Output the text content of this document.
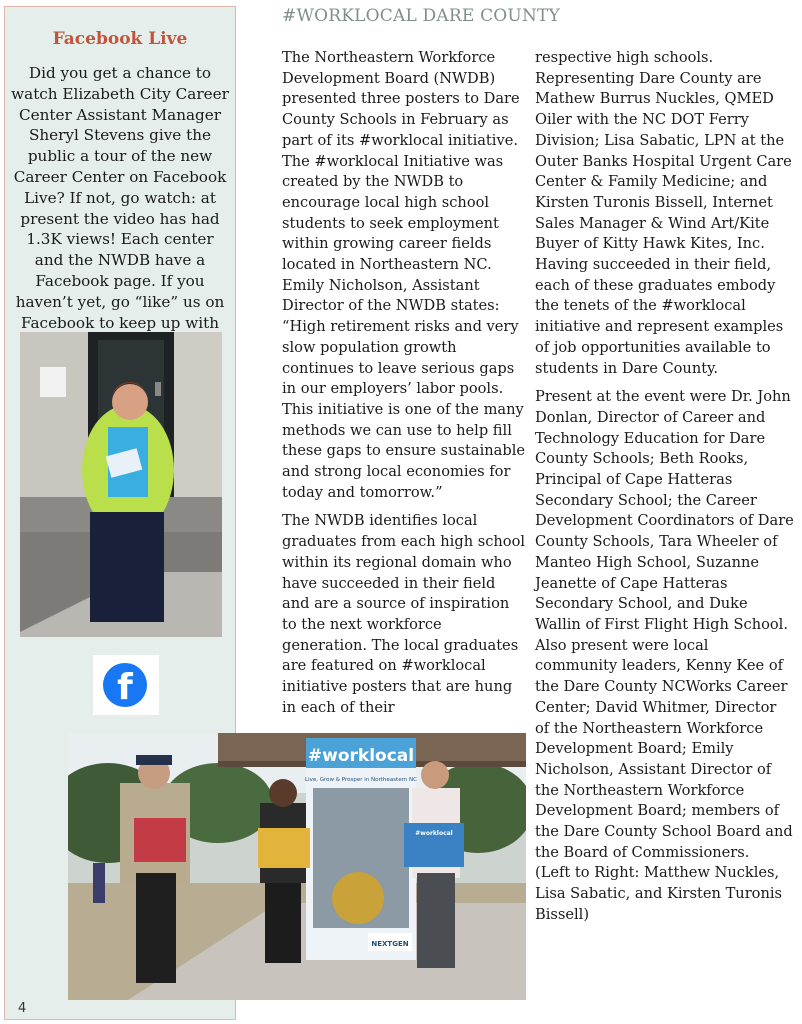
Facebook Live
Did you get a chance to watch Elizabeth City Career Center Assistant Manager Sheryl Stevens give the public a tour of the new Career Center on Facebook Live? If not, go watch: at present the video has had 1.3K views! Each center and the NWDB have a Facebook page. If you haven’t yet, go “like” us on Facebook to keep up with
f
4
#WORKLOCAL DARE COUNTY

The Northeastern Workforce Development Board (NWDB) presented three posters to Dare County Schools in February as part of its #worklocal initiative. The #worklocal Initiative was created by the NWDB to encourage local high school students to seek employment within growing career fields located in Northeastern NC. Emily Nicholson, Assistant Director of the NWDB states: “High retirement risks and very slow population growth continues to leave serious gaps in our employers’ labor pools. This initiative is one of the many methods we can use to help fill these gaps to ensure sustainable and strong local economies for today and tomorrow.”

The NWDB identifies local graduates from each high school within its regional domain who have succeeded in their field and are a source of inspiration to the next workforce generation. The local graduates are featured on #worklocal initiative posters that are hung in each of their

respective high schools. Representing Dare County are Mathew Burrus Nuckles, QMED Oiler with the NC DOT Ferry Division; Lisa Sabatic, LPN at the Outer Banks Hospital Urgent Care Center & Family Medicine; and Kirsten Turonis Bissell, Internet Sales Manager & Wind Art/Kite Buyer of Kitty Hawk Kites, Inc. Having succeeded in their field, each of these graduates embody the tenets of the #worklocal initiative and represent examples of job opportunities available to students in Dare County.

Present at the event were Dr. John Donlan, Director of Career and Technology Education for Dare County Schools; Beth Rooks, Principal of Cape Hatteras Secondary School; the Career Development Coordinators of Dare County Schools, Tara Wheeler of Manteo High School, Suzanne Jeanette of Cape Hatteras Secondary School, and Duke Wallin of First Flight High School. Also present were local community leaders, Kenny Kee of the Dare County NCWorks Career Center; David Whitmer, Director of the Northeastern Workforce Development Board; Emily Nicholson, Assistant Director of the Northeastern Workforce Development Board; members of the Dare County School Board and the Board of Commissioners.

(Left to Right: Matthew Nuckles, Lisa Sabatic, and Kirsten Turonis Bissell)
#worklocal
Live, Grow & Prosper in Northeastern NC
NEXTGEN
#worklocal
